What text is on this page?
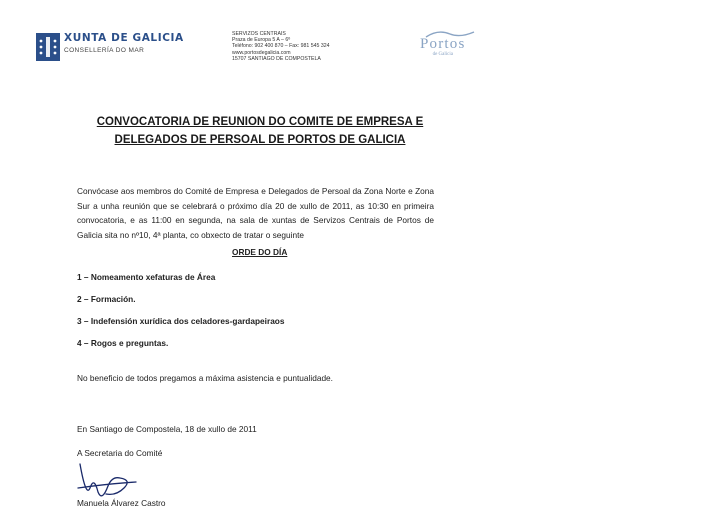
XUNTA DE GALICIA
CONSELLERÍA DO MAR
SERVIZOS CENTRAIS
Praza de Europa 5 A – 6º
Teléfono: 902 400 870 – Fax: 981 545 324
www.portosdegalicia.com
15707 SANTIAGO DE COMPOSTELA
Portos
de Galicia
CONVOCATORIA DE REUNION DO COMITE DE EMPRESA E
DELEGADOS DE PERSOAL DE PORTOS DE GALICIA
Convócase aos membros do Comité de Empresa e Delegados de Persoal da Zona Norte e Zona Sur a unha reunión que se celebrará o próximo día 20 de xullo de 2011, as 10:30 en primeira convocatoria, e as 11:00 en segunda, na sala de xuntas de Servizos Centrais de Portos de Galicia sita no nº10, 4ª planta, co obxecto de tratar o seguinte
ORDE DO DÍA
1 – Nomeamento xefaturas de Área
2 – Formación.
3 – Indefensión xurídica dos celadores-gardapeiraos
4 – Rogos e preguntas.
No beneficio de todos pregamos a máxima asistencia e puntualidade.
En Santiago de Compostela, 18 de xullo de 2011
A Secretaria do Comité
Manuela Álvarez Castro
